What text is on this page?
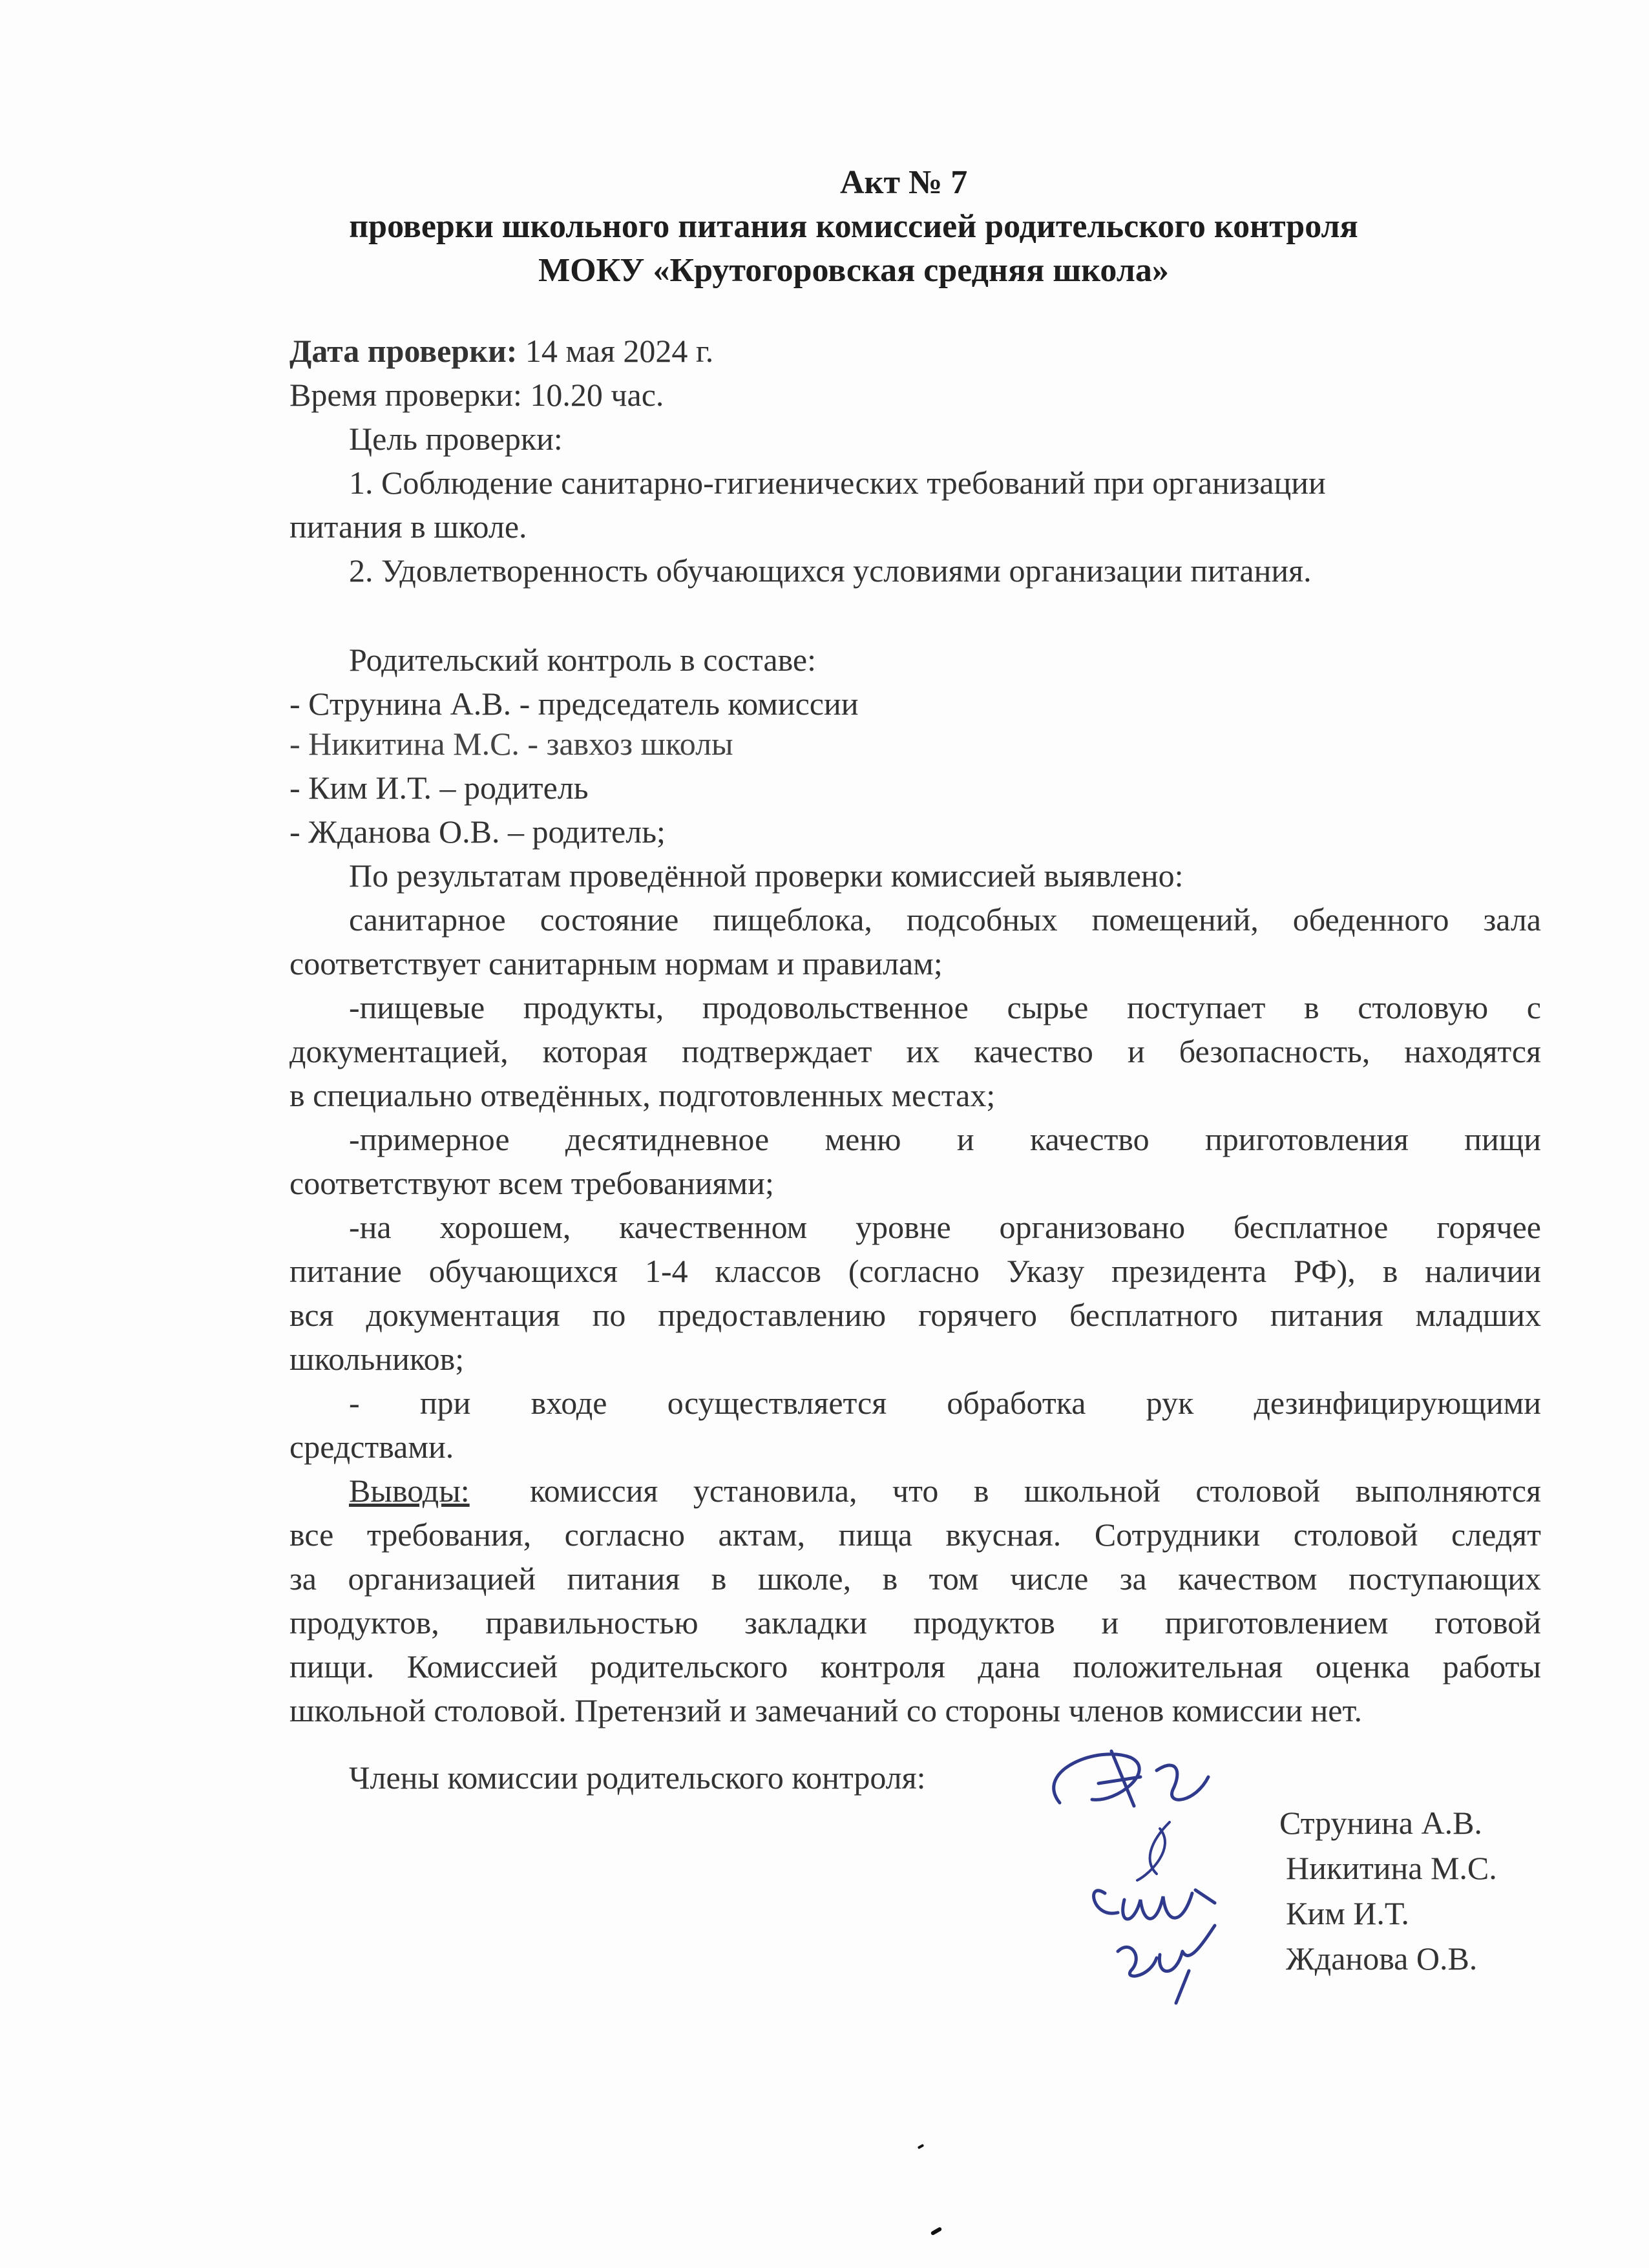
Акт № 7
проверки школьного питания комиссией родительского контроля
МОКУ «Крутогоровская средняя школа»
Дата проверки: 14 мая 2024 г.
Время проверки: 10.20 час.
Цель проверки:
1. Соблюдение санитарно-гигиенических требований при организации
питания в школе.
2. Удовлетворенность обучающихся условиями организации питания.
Родительский контроль в составе:
- Струнина А.В. - председатель комиссии
- Никитина М.С. - завхоз школы
- Ким И.Т. – родитель
- Жданова О.В. – родитель;
По результатам проведённой проверки комиссией выявлено:
санитарное состояние пищеблока, подсобных помещений, обеденного зала
соответствует санитарным нормам и правилам;
-пищевые продукты, продовольственное сырье поступает в столовую с
документацией, которая подтверждает их качество и безопасность, находятся
в специально отведённых, подготовленных местах;
-примерное десятидневное меню и качество приготовления пищи
соответствуют всем требованиями;
-на хорошем, качественном уровне организовано бесплатное горячее
питание обучающихся 1-4 классов (согласно Указу президента РФ), в наличии
вся документация по предоставлению горячего бесплатного питания младших
школьников;
- при входе осуществляется обработка рук дезинфицирующими
средствами.
Выводы: комиссия установила, что в школьной столовой выполняются
все требования, согласно актам, пища вкусная. Сотрудники столовой следят
за организацией питания в школе, в том числе за качеством поступающих
продуктов, правильностью закладки продуктов и приготовлением готовой
пищи. Комиссией родительского контроля дана положительная оценка работы
школьной столовой. Претензий и замечаний со стороны членов комиссии нет.
Члены комиссии родительского контроля:
Струнина А.В.
Никитина М.С.
Ким И.Т.
Жданова О.В.
